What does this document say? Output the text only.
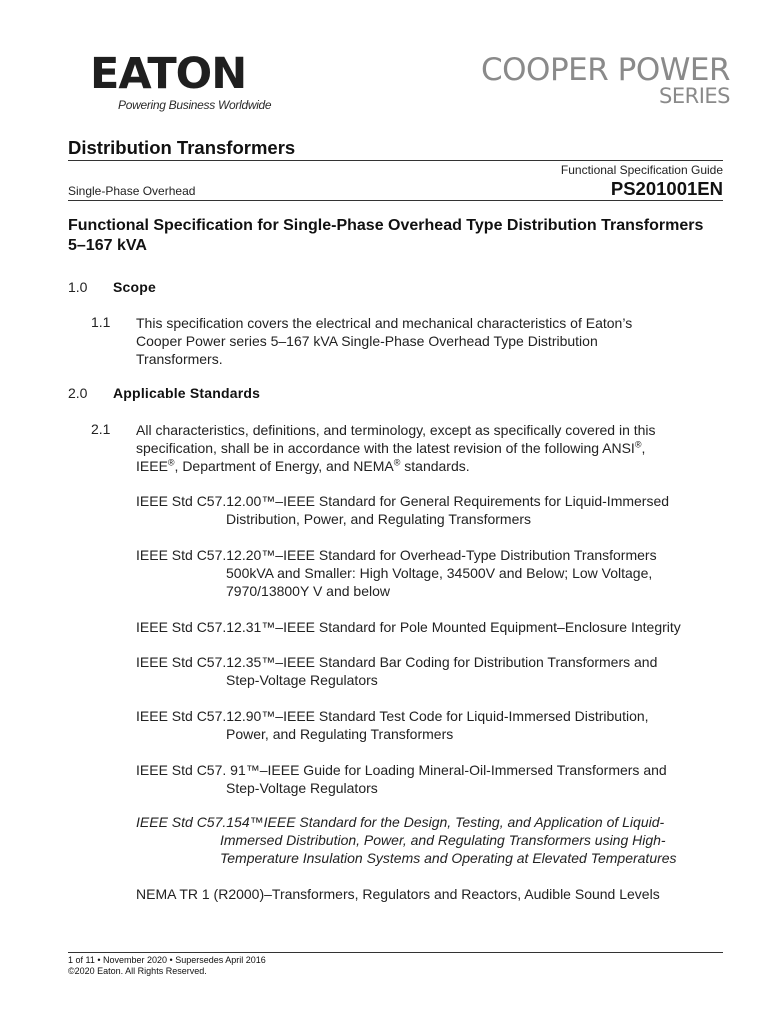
EATON
Powering Business Worldwide
COOPER POWER
SERIES
Distribution Transformers
Functional Specification Guide
Single-Phase Overhead	PS201001EN
Functional Specification for Single-Phase Overhead Type Distribution Transformers 5–167 kVA
1.0 Scope
1.1 This specification covers the electrical and mechanical characteristics of Eaton’s
Cooper Power series 5–167 kVA Single-Phase Overhead Type Distribution
Transformers.
2.0 Applicable Standards
2.1 All characteristics, definitions, and terminology, except as specifically covered in this
specification, shall be in accordance with the latest revision of the following ANSI®,
IEEE®, Department of Energy, and NEMA® standards.
IEEE Std C57.12.00™–IEEE Standard for General Requirements for Liquid-Immersed
Distribution, Power, and Regulating Transformers
IEEE Std C57.12.20™–IEEE Standard for Overhead-Type Distribution Transformers
500kVA and Smaller: High Voltage, 34500V and Below; Low Voltage,
7970/13800Y V and below
IEEE Std C57.12.31™–IEEE Standard for Pole Mounted Equipment–Enclosure Integrity
IEEE Std C57.12.35™–IEEE Standard Bar Coding for Distribution Transformers and
Step-Voltage Regulators
IEEE Std C57.12.90™–IEEE Standard Test Code for Liquid-Immersed Distribution,
Power, and Regulating Transformers
IEEE Std C57. 91™–IEEE Guide for Loading Mineral-Oil-Immersed Transformers and
Step-Voltage Regulators
IEEE Std C57.154™IEEE Standard for the Design, Testing, and Application of Liquid-
Immersed Distribution, Power, and Regulating Transformers using High-
Temperature Insulation Systems and Operating at Elevated Temperatures
NEMA TR 1 (R2000)–Transformers, Regulators and Reactors, Audible Sound Levels
1 of 11 • November 2020 • Supersedes April 2016
©2020 Eaton. All Rights Reserved.
